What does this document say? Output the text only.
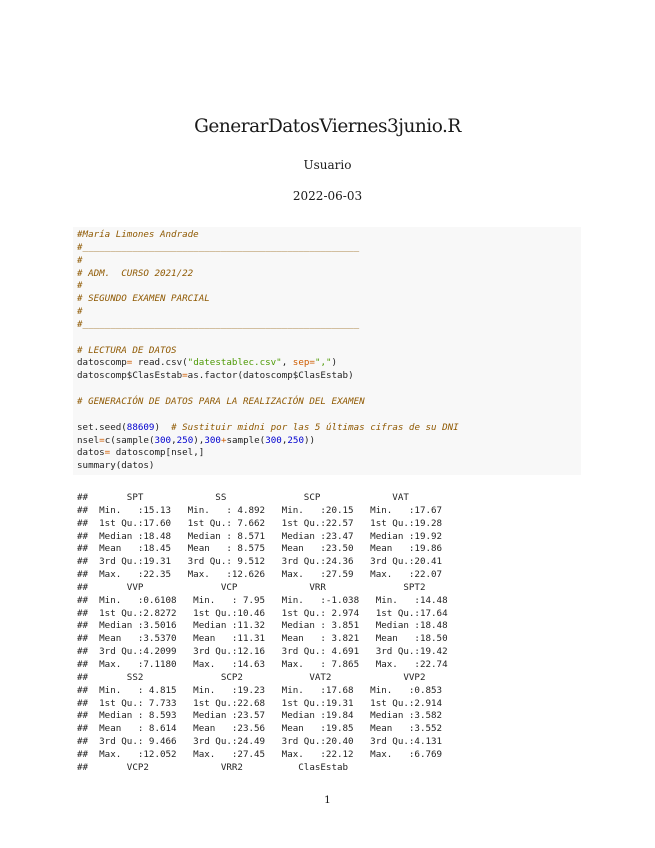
GenerarDatosViernes3junio.R
Usuario
2022-06-03
#María Limones Andrade
#__________________________________________________
#
# ADM.  CURSO 2021/22
#
# SEGUNDO EXAMEN PARCIAL
#
#__________________________________________________
# LECTURA DE DATOS
datoscomp= read.csv("datestablec.csv", sep=",")
datoscomp$ClasEstab=as.factor(datoscomp$ClasEstab)
# GENERACIÓN DE DATOS PARA LA REALIZACIÓN DEL EXAMEN
set.seed(88609)  # Sustituir midni por las 5 últimas cifras de su DNI
nsel=c(sample(300,250),300+sample(300,250))
datos= datoscomp[nsel,]
summary(datos)
##       SPT             SS              SCP             VAT
##  Min.   :15.13   Min.   : 4.892   Min.   :20.15   Min.   :17.67
##  1st Qu.:17.60   1st Qu.: 7.662   1st Qu.:22.57   1st Qu.:19.28
##  Median :18.48   Median : 8.571   Median :23.47   Median :19.92
##  Mean   :18.45   Mean   : 8.575   Mean   :23.50   Mean   :19.86
##  3rd Qu.:19.31   3rd Qu.: 9.512   3rd Qu.:24.36   3rd Qu.:20.41
##  Max.   :22.35   Max.   :12.626   Max.   :27.59   Max.   :22.07
##       VVP              VCP             VRR              SPT2
##  Min.   :0.6108   Min.   : 7.95   Min.   :-1.038   Min.   :14.48
##  1st Qu.:2.8272   1st Qu.:10.46   1st Qu.: 2.974   1st Qu.:17.64
##  Median :3.5016   Median :11.32   Median : 3.851   Median :18.48
##  Mean   :3.5370   Mean   :11.31   Mean   : 3.821   Mean   :18.50
##  3rd Qu.:4.2099   3rd Qu.:12.16   3rd Qu.: 4.691   3rd Qu.:19.42
##  Max.   :7.1180   Max.   :14.63   Max.   : 7.865   Max.   :22.74
##       SS2              SCP2            VAT2             VVP2
##  Min.   : 4.815   Min.   :19.23   Min.   :17.68   Min.   :0.853
##  1st Qu.: 7.733   1st Qu.:22.68   1st Qu.:19.31   1st Qu.:2.914
##  Median : 8.593   Median :23.57   Median :19.84   Median :3.582
##  Mean   : 8.614   Mean   :23.56   Mean   :19.85   Mean   :3.552
##  3rd Qu.: 9.466   3rd Qu.:24.49   3rd Qu.:20.40   3rd Qu.:4.131
##  Max.   :12.052   Max.   :27.45   Max.   :22.12   Max.   :6.769
##       VCP2             VRR2          ClasEstab
1
